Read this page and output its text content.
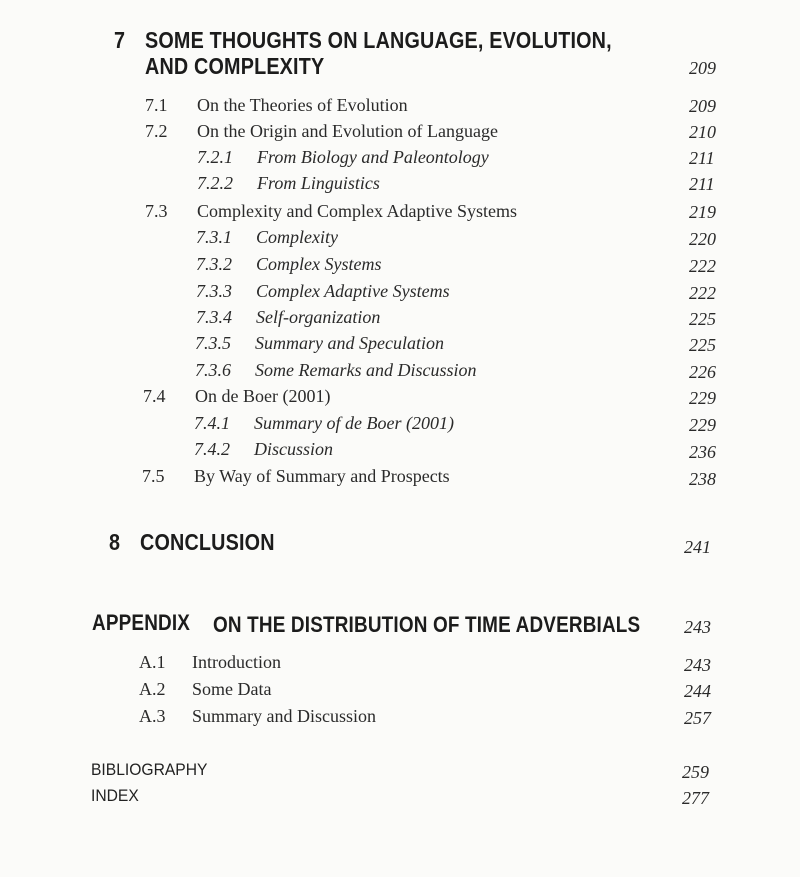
7 SOME THOUGHTS ON LANGUAGE, EVOLUTION,
AND COMPLEXITY	209
7.1 On the Theories of Evolution	209
7.2 On the Origin and Evolution of Language	210
7.2.1 From Biology and Paleontology	211
7.2.2 From Linguistics	211
7.3 Complexity and Complex Adaptive Systems	219
7.3.1 Complexity	220
7.3.2 Complex Systems	222
7.3.3 Complex Adaptive Systems	222
7.3.4 Self-organization	225
7.3.5 Summary and Speculation	225
7.3.6 Some Remarks and Discussion	226
7.4 On de Boer (2001)	229
7.4.1 Summary of de Boer (2001)	229
7.4.2 Discussion	236
7.5 By Way of Summary and Prospects	238
8 CONCLUSION	241
APPENDIX ON THE DISTRIBUTION OF TIME ADVERBIALS 243
A.1 Introduction	243
A.2 Some Data	244
A.3 Summary and Discussion	257
BIBLIOGRAPHY	259
INDEX	277
